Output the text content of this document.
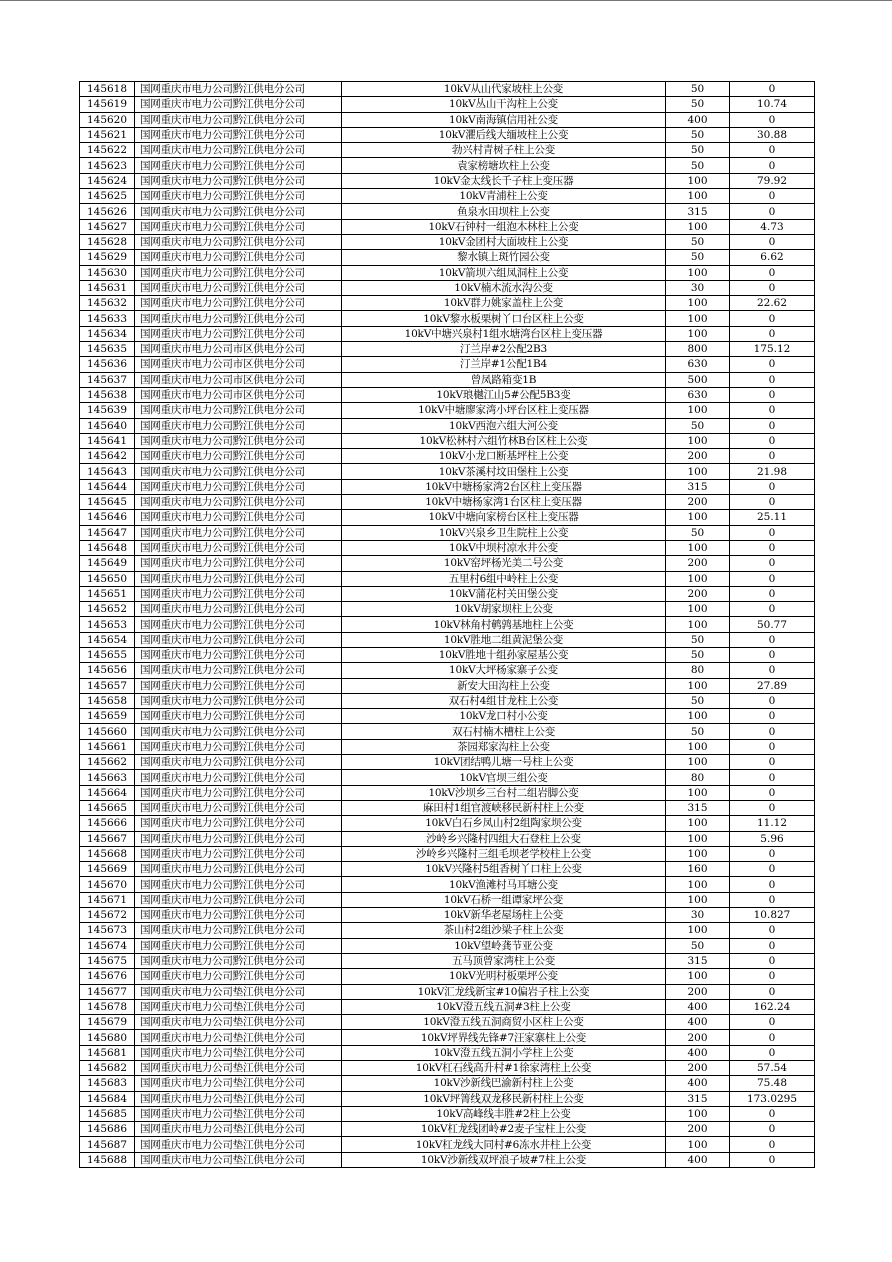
145618	国网重庆市电力公司黔江供电分公司	10kV从山代家坡柱上公变	50	0
145619	国网重庆市电力公司黔江供电分公司	10kV丛山干沟柱上公变	50	10.74
145620	国网重庆市电力公司黔江供电分公司	10kV南海镇信用社公变	400	0
145621	国网重庆市电力公司黔江供电分公司	10kV灈后线大缅坡柱上公变	50	30.88
145622	国网重庆市电力公司黔江供电分公司	勃兴村青树子柱上公变	50	0
145623	国网重庆市电力公司黔江供电分公司	袁家榜塘坎柱上公变	50	0
145624	国网重庆市电力公司黔江供电分公司	10kV金太线长千子柱上变压器	100	79.92
145625	国网重庆市电力公司黔江供电分公司	10kV青浦柱上公变	100	0
145626	国网重庆市电力公司黔江供电分公司	鱼泉水田坝柱上公变	315	0
145627	国网重庆市电力公司黔江供电分公司	10kV石钟村一组泡木林柱上公变	100	4.73
145628	国网重庆市电力公司黔江供电分公司	10kV金团村大面坡柱上公变	50	0
145629	国网重庆市电力公司黔江供电分公司	黎水镇上斑竹园公变	50	6.62
145630	国网重庆市电力公司黔江供电分公司	10kV箭坝六组凤洞柱上公变	100	0
145631	国网重庆市电力公司黔江供电分公司	10kV楠木流水沟公变	30	0
145632	国网重庆市电力公司黔江供电分公司	10kV群力姚家盖柱上公变	100	22.62
145633	国网重庆市电力公司黔江供电分公司	10kV黎水板栗树丫口台区柱上公变	100	0
145634	国网重庆市电力公司黔江供电分公司	10kV中塘兴泉村1组水塘湾台区柱上变压器	100	0
145635	国网重庆市电力公司市区供电分公司	汀兰岸#2公配2B3	800	175.12
145636	国网重庆市电力公司市区供电分公司	汀兰岸#1公配1B4	630	0
145637	国网重庆市电力公司市区供电分公司	曾凤路箱变1B	500	0
145638	国网重庆市电力公司市区供电分公司	10kV琅樾江山5#公配5B3变	630	0
145639	国网重庆市电力公司黔江供电分公司	10kV中塘廖家湾小坪台区柱上变压器	100	0
145640	国网重庆市电力公司黔江供电分公司	10kV西泡六组大河公变	50	0
145641	国网重庆市电力公司黔江供电分公司	10kV松林村六组竹林B台区柱上公变	100	0
145642	国网重庆市电力公司黔江供电分公司	10kV小龙口断基坪柱上公变	200	0
145643	国网重庆市电力公司黔江供电分公司	10kV茶溪村坟田堡柱上公变	100	21.98
145644	国网重庆市电力公司黔江供电分公司	10kV中塘杨家湾2台区柱上变压器	315	0
145645	国网重庆市电力公司黔江供电分公司	10kV中塘杨家湾1台区柱上变压器	200	0
145646	国网重庆市电力公司黔江供电分公司	10kV中塘向家榜台区柱上变压器	100	25.11
145647	国网重庆市电力公司黔江供电分公司	10kV兴泉乡卫生院柱上公变	50	0
145648	国网重庆市电力公司黔江供电分公司	10kV中坝村凉水井公变	100	0
145649	国网重庆市电力公司黔江供电分公司	10kV窑坪杨光美二号公变	200	0
145650	国网重庆市电力公司黔江供电分公司	五里村6组中岭柱上公变	100	0
145651	国网重庆市电力公司黔江供电分公司	10kV蒲花村关田堡公变	200	0
145652	国网重庆市电力公司黔江供电分公司	10kV胡家坝柱上公变	100	0
145653	国网重庆市电力公司黔江供电分公司	10kV林角村鹌鹑基地柱上公变	100	50.77
145654	国网重庆市电力公司黔江供电分公司	10kV胜地二组黄泥堡公变	50	0
145655	国网重庆市电力公司黔江供电分公司	10kV胜地十组孙家屋基公变	50	0
145656	国网重庆市电力公司黔江供电分公司	10kV大坪杨家寨子公变	80	0
145657	国网重庆市电力公司黔江供电分公司	新安大田沟柱上公变	100	27.89
145658	国网重庆市电力公司黔江供电分公司	双石村4组甘龙柱上公变	50	0
145659	国网重庆市电力公司黔江供电分公司	10kV龙口村小公变	100	0
145660	国网重庆市电力公司黔江供电分公司	双石村楠木槽柱上公变	50	0
145661	国网重庆市电力公司黔江供电分公司	茶园郑家沟柱上公变	100	0
145662	国网重庆市电力公司黔江供电分公司	10kV团结鸭儿塘一号柱上公变	100	0
145663	国网重庆市电力公司黔江供电分公司	10kV官坝三组公变	80	0
145664	国网重庆市电力公司黔江供电分公司	10kV沙坝乡三台村二组岩脚公变	100	0
145665	国网重庆市电力公司黔江供电分公司	麻田村1组官渡峡移民新村柱上公变	315	0
145666	国网重庆市电力公司黔江供电分公司	10kV白石乡凤山村2组陶家坝公变	100	11.12
145667	国网重庆市电力公司黔江供电分公司	沙岭乡兴隆村四组大石登柱上公变	100	5.96
145668	国网重庆市电力公司黔江供电分公司	沙岭乡兴隆村三组毛坝老学校柱上公变	100	0
145669	国网重庆市电力公司黔江供电分公司	10kV兴隆村5组香树丫口柱上公变	160	0
145670	国网重庆市电力公司黔江供电分公司	10kV渔滩村马耳塘公变	100	0
145671	国网重庆市电力公司黔江供电分公司	10kV石桥一组谭家坪公变	100	0
145672	国网重庆市电力公司黔江供电分公司	10kV新华老屋场柱上公变	30	10.827
145673	国网重庆市电力公司黔江供电分公司	茶山村2组沙梁子柱上公变	100	0
145674	国网重庆市电力公司黔江供电分公司	10kV望岭龚节亚公变	50	0
145675	国网重庆市电力公司黔江供电分公司	五马顶曾家湾柱上公变	315	0
145676	国网重庆市电力公司黔江供电分公司	10kV光明村板栗坪公变	100	0
145677	国网重庆市电力公司垫江供电分公司	10kV汇龙线新宝#10偏岩子柱上公变	200	0
145678	国网重庆市电力公司垫江供电分公司	10kV澄五线五洞#3柱上公变	400	162.24
145679	国网重庆市电力公司垫江供电分公司	10kV澄五线五洞商贸小区柱上公变	400	0
145680	国网重庆市电力公司垫江供电分公司	10kV坪界线先锋#7汪家寨柱上公变	200	0
145681	国网重庆市电力公司垫江供电分公司	10kV澄五线五洞小学柱上公变	400	0
145682	国网重庆市电力公司垫江供电分公司	10kV杠石线高升村#1徐家湾柱上公变	200	57.54
145683	国网重庆市电力公司垫江供电分公司	10kV沙新线巴渝新村柱上公变	400	75.48
145684	国网重庆市电力公司垫江供电分公司	10kV坪箐线双龙移民新村柱上公变	315	173.0295
145685	国网重庆市电力公司垫江供电分公司	10kV高峰线丰胜#2柱上公变	100	0
145686	国网重庆市电力公司垫江供电分公司	10kV杠龙线团岭#2麦子宝柱上公变	200	0
145687	国网重庆市电力公司垫江供电分公司	10kV杠龙线大同村#6冻水井柱上公变	100	0
145688	国网重庆市电力公司垫江供电分公司	10kV沙新线双坪浪子坡#7柱上公变	400	0
